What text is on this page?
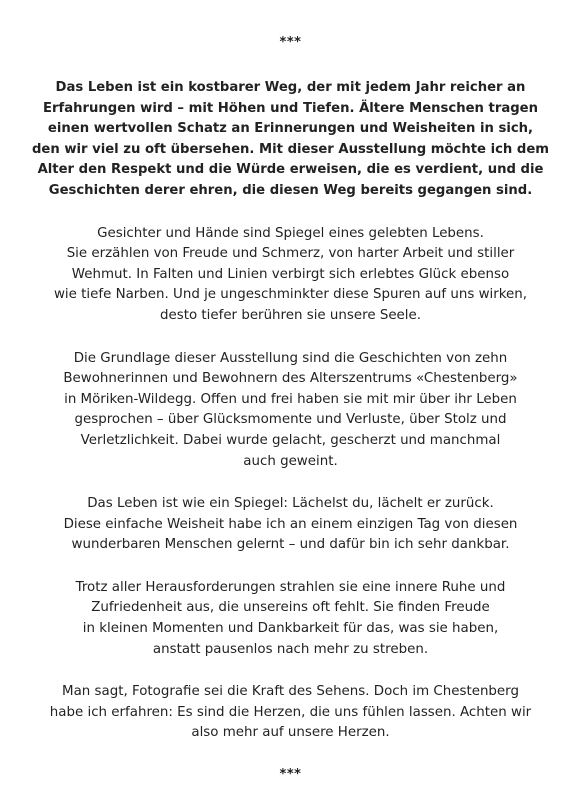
***
Das Leben ist ein kostbarer Weg, der mit jedem Jahr reicher an
Erfahrungen wird – mit Höhen und Tiefen. Ältere Menschen tragen
einen wertvollen Schatz an Erinnerungen und Weisheiten in sich,
den wir viel zu oft übersehen. Mit dieser Ausstellung möchte ich dem
Alter den Respekt und die Würde erweisen, die es verdient, und die
Geschichten derer ehren, die diesen Weg bereits gegangen sind.
Gesichter und Hände sind Spiegel eines gelebten Lebens.
Sie erzählen von Freude und Schmerz, von harter Arbeit und stiller
Wehmut. In Falten und Linien verbirgt sich erlebtes Glück ebenso
wie tiefe Narben. Und je ungeschminkter diese Spuren auf uns wirken,
desto tiefer berühren sie unsere Seele.
Die Grundlage dieser Ausstellung sind die Geschichten von zehn
Bewohnerinnen und Bewohnern des Alterszentrums «Chestenberg»
in Möriken-Wildegg. Offen und frei haben sie mit mir über ihr Leben
gesprochen – über Glücksmomente und Verluste, über Stolz und
Verletzlichkeit. Dabei wurde gelacht, gescherzt und manchmal
auch geweint.
Das Leben ist wie ein Spiegel: Lächelst du, lächelt er zurück.
Diese einfache Weisheit habe ich an einem einzigen Tag von diesen
wunderbaren Menschen gelernt – und dafür bin ich sehr dankbar.
Trotz aller Herausforderungen strahlen sie eine innere Ruhe und
Zufriedenheit aus, die unsereins oft fehlt. Sie finden Freude
in kleinen Momenten und Dankbarkeit für das, was sie haben,
anstatt pausenlos nach mehr zu streben.
Man sagt, Fotografie sei die Kraft des Sehens. Doch im Chestenberg
habe ich erfahren: Es sind die Herzen, die uns fühlen lassen. Achten wir
also mehr auf unsere Herzen.
***
